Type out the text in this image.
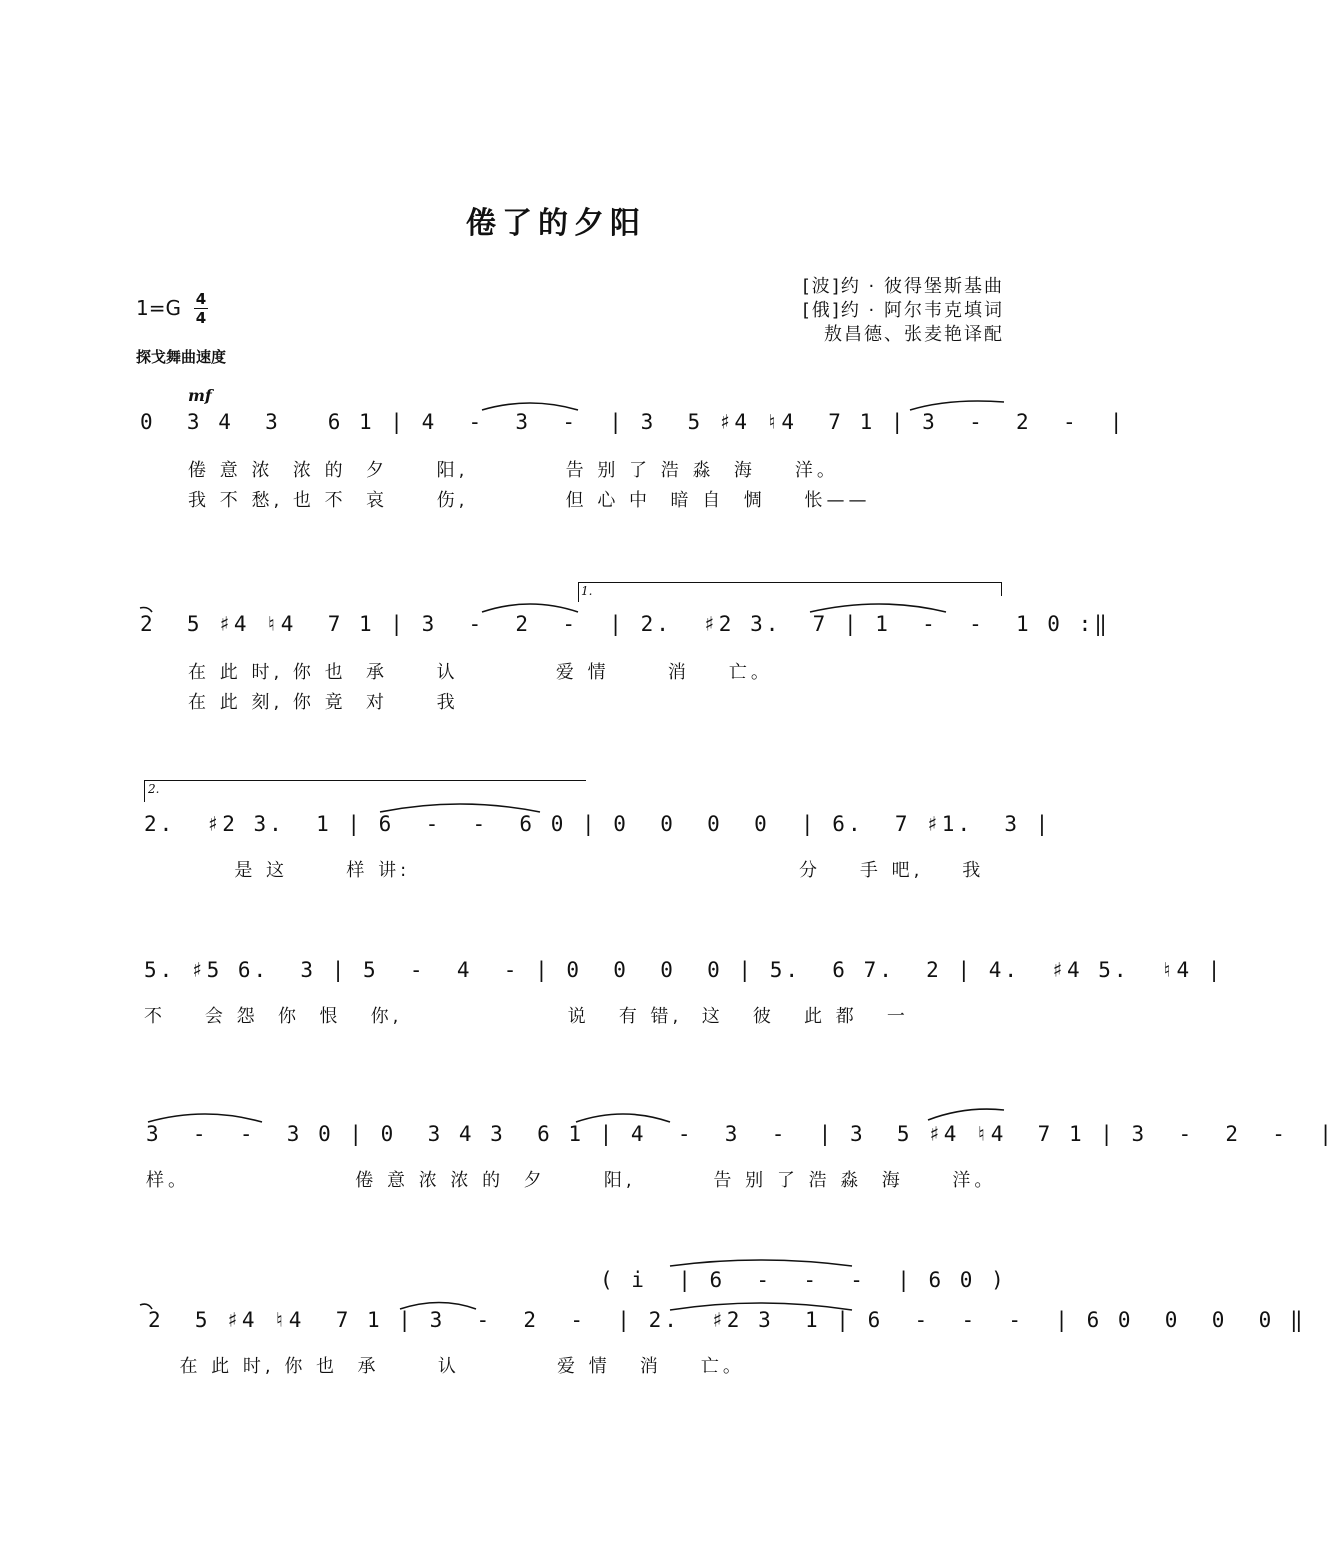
倦了的夕阳
[波]约 · 彼得堡斯基曲
[俄]约 · 阿尔韦克填词
敖昌德、张麦艳译配
1=G 4
4
探戈舞曲速度
mf
1.
2.
0  3 4  3   6 1 | 4  -  3  -  | 3  5 ♯4 ♮4  7 1 | 3  -  2  -  |
倦 意 浓  浓 的  夕     阳,          告 别 了 浩 淼  海    洋。
我 不 愁, 也 不  哀     伤,          但 心 中  暗 自  惆    怅——
2  5 ♯4 ♮4  7 1 | 3  -  2  -  | 2.  ♯2 3.  7 | 1  -  -  1 0 :‖
在 此 时, 你 也  承     认          爱 情      消    亡。
在 此 刻, 你 竟  对     我
2.  ♯2 3.  1 | 6  -  -  6 0 | 0  0  0  0  | 6.  7 ♯1.  3 |
是 这      样 讲:                                        分    手 吧,    我
5. ♯5 6.  3 | 5  -  4  - | 0  0  0  0 | 5.  6 7.  2 | 4.  ♯4 5.  ♮4 |
不    会 怨  你  恨   你,                 说   有 错,  这   彼   此 都   一
3  -  -  3 0 | 0  3 4 3  6 1 | 4  -  3  -  | 3  5 ♯4 ♮4  7 1 | 3  -  2  -  |
样。                 倦 意 浓 浓 的  夕      阳,        告 别 了 浩 淼  海     洋。
( i  | 6  -  -  -  | 6 0 )
2  5 ♯4 ♮4  7 1 | 3  -  2  -  | 2.  ♯2 3  1 | 6  -  -  -  | 6 0  0  0  0 ‖
在 此 时, 你 也  承      认          爱 情   消    亡。
